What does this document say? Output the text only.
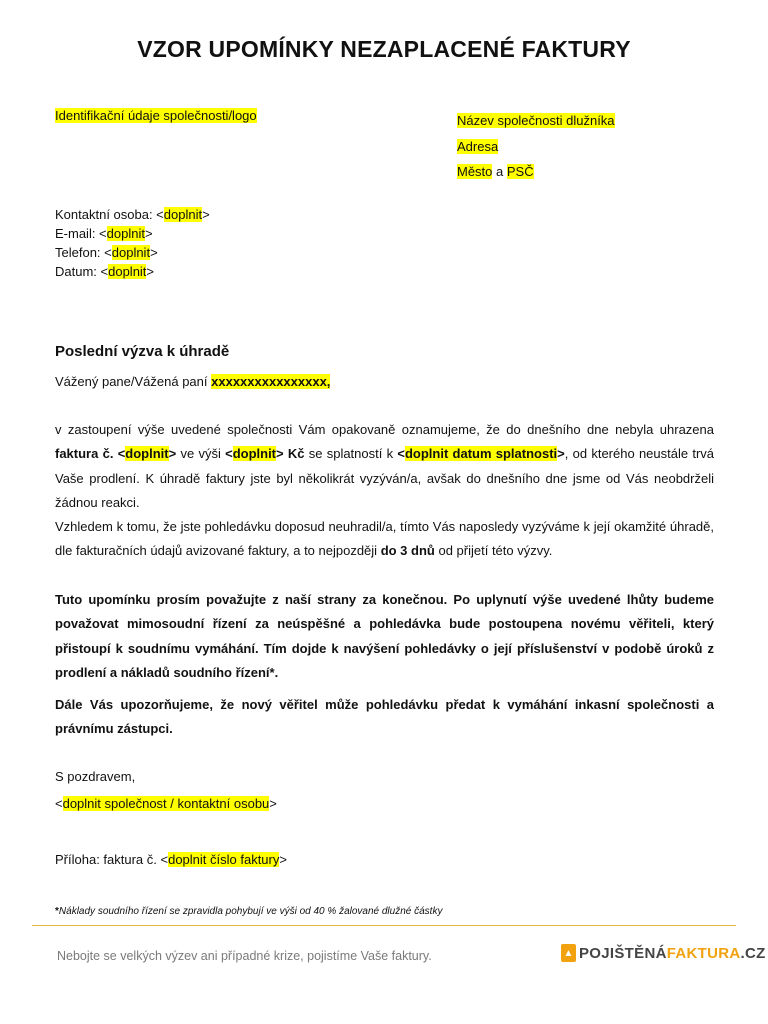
VZOR UPOMÍNKY NEZAPLACENÉ FAKTURY
Identifikační údaje společnosti/logo	Název společnosti dlužníka
Adresa
Město a PSČ
Kontaktní osoba: <doplnit>
E-mail: <doplnit>
Telefon: <doplnit>
Datum: <doplnit>
Poslední výzva k úhradě
Vážený pane/Vážená paní xxxxxxxxxxxxxxxx,
v zastoupení výše uvedené společnosti Vám opakovaně oznamujeme, že do dnešního dne nebyla uhrazena faktura č. <doplnit> ve výši <doplnit> Kč se splatností k <doplnit datum splatnosti>, od kterého neustále trvá Vaše prodlení. K úhradě faktury jste byl několikrát vyzýván/a, avšak do dnešního dne jsme od Vás neobdrželi žádnou reakci.
Vzhledem k tomu, že jste pohledávku doposud neuhradil/a, tímto Vás naposledy vyzýváme k její okamžité úhradě, dle fakturačních údajů avizované faktury, a to nejpozději do 3 dnů od přijetí této výzvy.
Tuto upomínku prosím považujte z naší strany za konečnou. Po uplynutí výše uvedené lhůty budeme považovat mimosoudní řízení za neúspěšné a pohledávka bude postoupena novému věřiteli, který přistoupí k soudnímu vymáhání. Tím dojde k navýšení pohledávky o její příslušenství v podobě úroků z prodlení a nákladů soudního řízení*.
Dále Vás upozorňujeme, že nový věřitel může pohledávku předat k vymáhání inkasní společnosti a právnímu zástupci.
S pozdravem,
<doplnit společnost / kontaktní osobu>
Příloha: faktura č. <doplnit číslo faktury>
*Náklady soudního řízení se zpravidla pohybují ve výši od 40 % žalované dlužné částky
Nebojte se velkých výzev ani případné krize, pojistíme Vaše faktury.	▲ POJIŠTĚNÁFAKTURA.CZ
